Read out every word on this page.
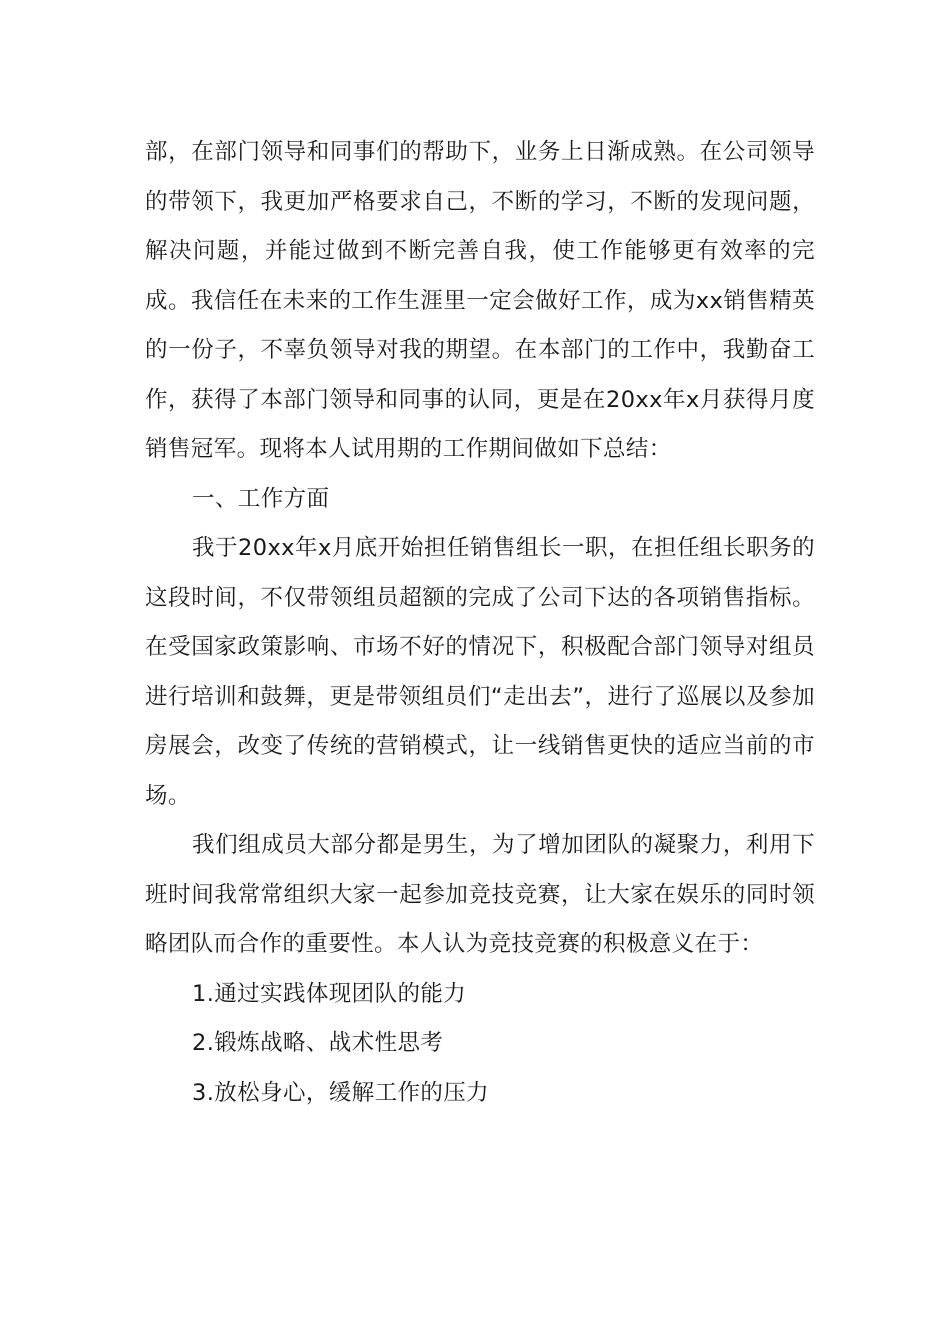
部，在部门领导和同事们的帮助下，业务上日渐成熟。在公司领导的带领下，我更加严格要求自己，不断的学习，不断的发现问题，解决问题，并能过做到不断完善自我，使工作能够更有效率的完成。我信任在未来的工作生涯里一定会做好工作，成为xx销售精英的一份子，不辜负领导对我的期望。在本部门的工作中，我勤奋工作，获得了本部门领导和同事的认同，更是在20xx年x月获得月度销售冠军。现将本人试用期的工作期间做如下总结：

一、工作方面

我于20xx年x月底开始担任销售组长一职，在担任组长职务的这段时间，不仅带领组员超额的完成了公司下达的各项销售指标。在受国家政策影响、市场不好的情况下，积极配合部门领导对组员进行培训和鼓舞，更是带领组员们“走出去”，进行了巡展以及参加房展会，改变了传统的营销模式，让一线销售更快的适应当前的市场。

我们组成员大部分都是男生，为了增加团队的凝聚力，利用下班时间我常常组织大家一起参加竞技竞赛，让大家在娱乐的同时领略团队而合作的重要性。本人认为竞技竞赛的积极意义在于：

1.通过实践体现团队的能力

2.锻炼战略、战术性思考

3.放松身心，缓解工作的压力
